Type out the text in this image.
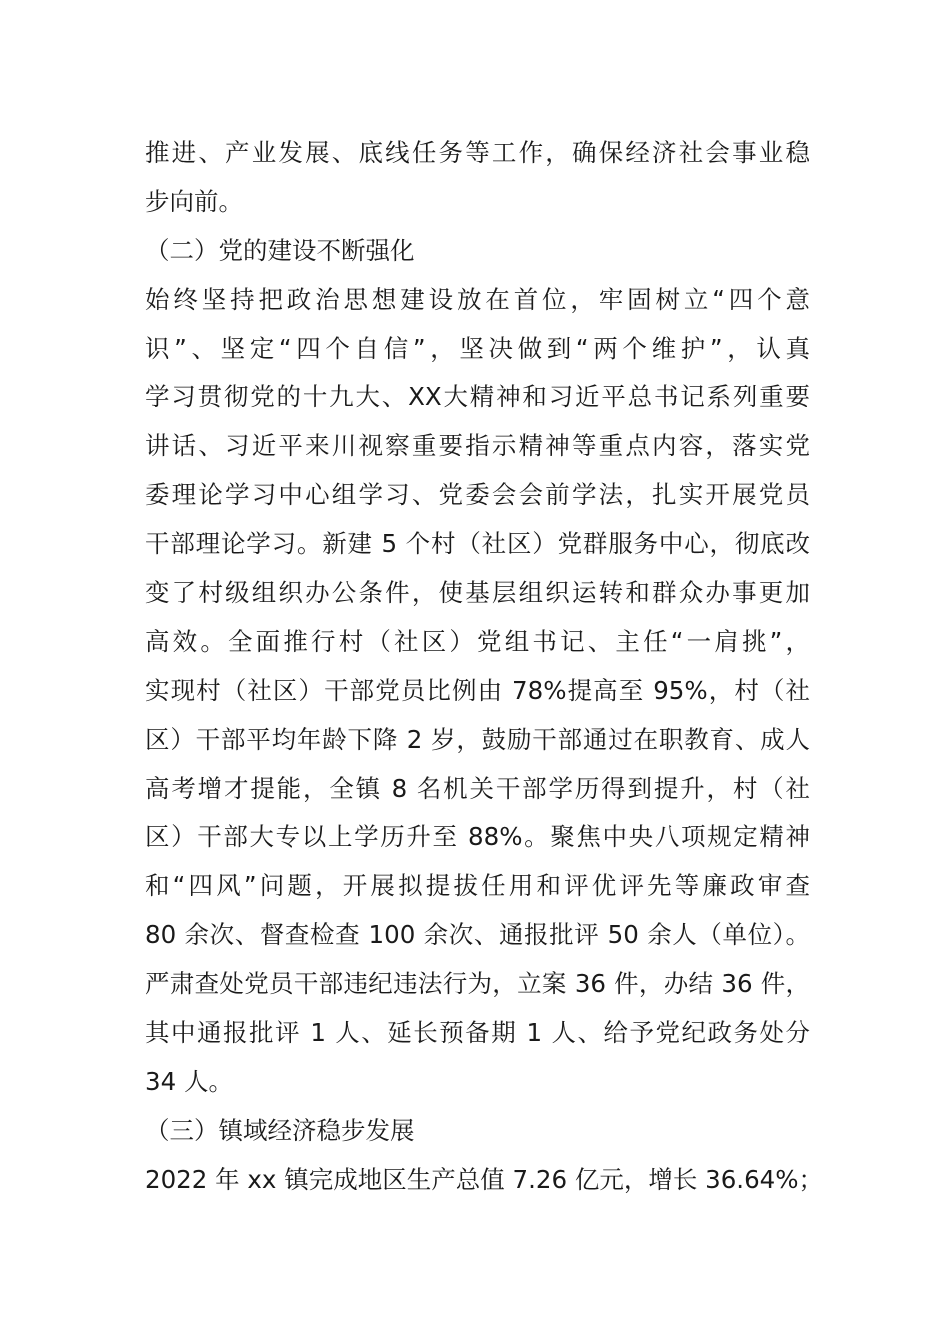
推进、产业发展、底线任务等工作，确保经济社会事业稳
步向前。
（二）党的建设不断强化
始终坚持把政治思想建设放在首位，牢固树立“四个意
识”、坚定“四个自信”，坚决做到“两个维护”，认真
学习贯彻党的十九大、XX大精神和习近平总书记系列重要
讲话、习近平来川视察重要指示精神等重点内容，落实党
委理论学习中心组学习、党委会会前学法，扎实开展党员
干部理论学习。新建 5 个村（社区）党群服务中心，彻底改
变了村级组织办公条件，使基层组织运转和群众办事更加
高效。全面推行村（社区）党组书记、主任“一肩挑”，
实现村（社区）干部党员比例由 78%提高至 95%，村（社
区）干部平均年龄下降 2 岁，鼓励干部通过在职教育、成人
高考增才提能，全镇 8 名机关干部学历得到提升，村（社
区）干部大专以上学历升至 88%。聚焦中央八项规定精神
和“四风”问题，开展拟提拔任用和评优评先等廉政审查
80 余次、督查检查 100 余次、通报批评 50 余人（单位）。
严肃查处党员干部违纪违法行为，立案 36 件，办结 36 件，
其中通报批评 1 人、延长预备期 1 人、给予党纪政务处分
34 人。
（三）镇域经济稳步发展
2022 年 xx 镇完成地区生产总值 7.26 亿元，增长 36.64%；
